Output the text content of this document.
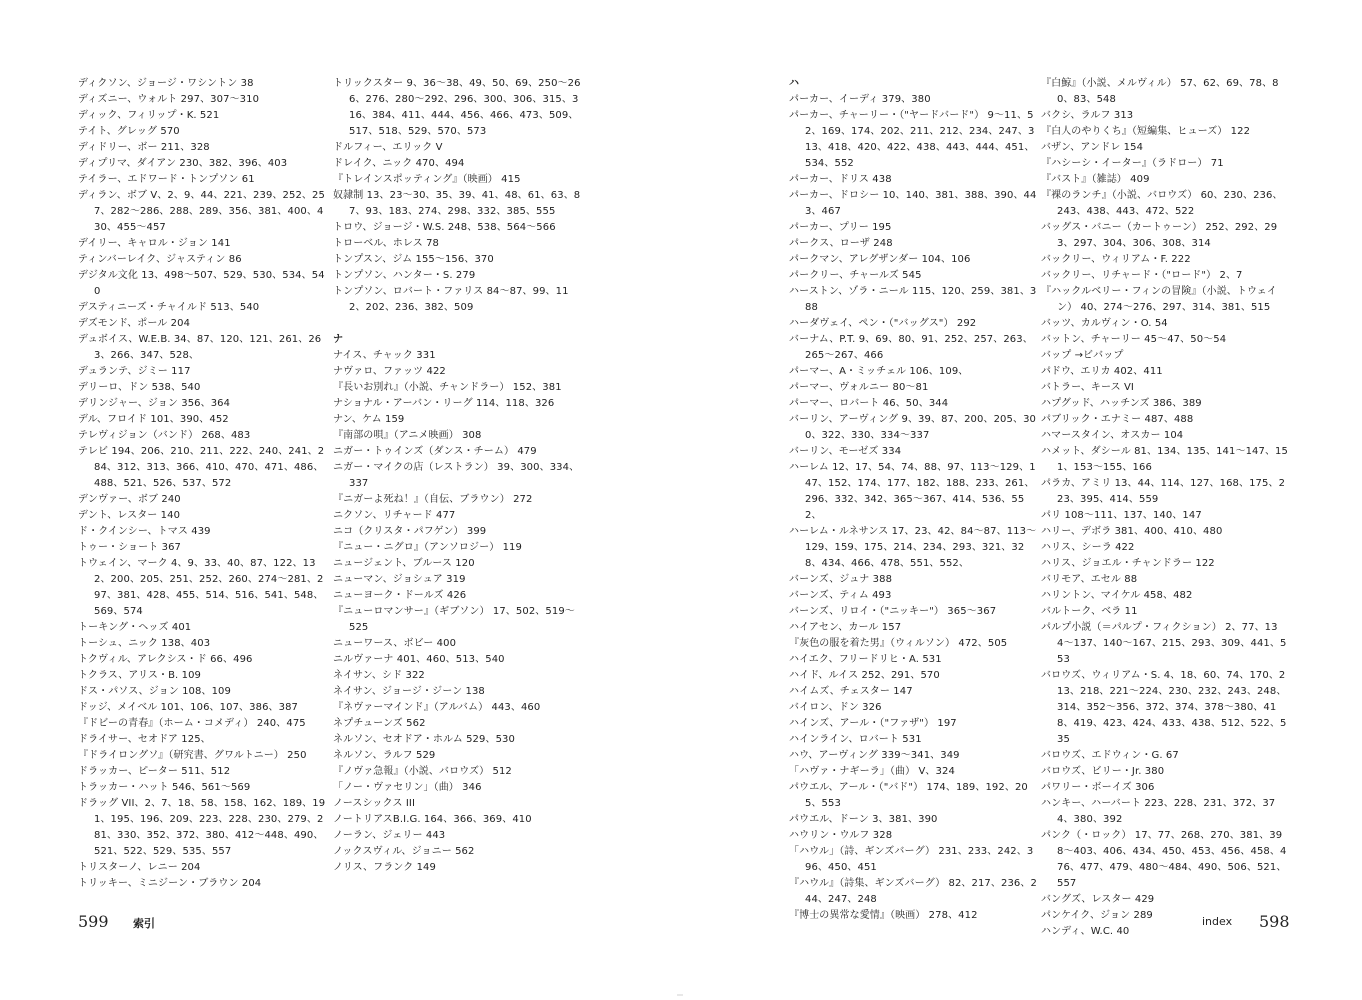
ディクソン、ジョージ・ワシントン 38
ディズニー、ウォルト 297、307〜310
ディック、フィリップ・K. 521
テイト、グレッグ 570
ディドリー、ボー 211、328
ディプリマ、ダイアン 230、382、396、403
テイラー、エドワード・トンプソン 61
ディラン、ボブ V、2、9、44、221、239、252、257、282〜286、288、289、356、381、400、430、455〜457
デイリー、キャロル・ジョン 141
ティンバーレイク、ジャスティン 86
デジタル文化 13、498〜507、529、530、534、540
デスティニーズ・チャイルド 513、540
デズモンド、ポール 204
デュボイス、W.E.B. 34、87、120、121、261、263、266、347、528、
デュランテ、ジミー 117
デリーロ、ドン 538、540
デリンジャー、ジョン 356、364
デル、フロイド 101、390、452
テレヴィジョン（バンド） 268、483
テレビ 194、206、210、211、222、240、241、284、312、313、366、410、470、471、486、488、521、526、537、572
デンヴァー、ボブ 240
デント、レスター 140
ド・クインシー、トマス 439
トゥー・ショート 367
トウェイン、マーク 4、9、33、40、87、122、132、200、205、251、252、260、274〜281、297、381、428、455、514、516、541、548、569、574
トーキング・ヘッズ 401
トーシュ、ニック 138、403
トクヴィル、アレクシス・ド 66、496
トクラス、アリス・B. 109
ドス・パソス、ジョン 108、109
ドッジ、メイベル 101、106、107、386、387
『ドビーの青春』（ホーム・コメディ） 240、475
ドライサー、セオドア 125、
『ドライロングソ』（研究書、グワルトニー） 250
ドラッカー、ピーター 511、512
トラッカー・ハット 546、561〜569
ドラッグ VII、2、7、18、58、158、162、189、191、195、196、209、223、228、230、279、281、330、352、372、380、412〜448、490、521、522、529、535、557
トリスターノ、レニー 204
トリッキー、ミニジーン・ブラウン 204
トリックスター 9、36〜38、49、50、69、250〜266、276、280〜292、296、300、306、315、316、384、411、444、456、466、473、509、517、518、529、570、573
ドルフィー、エリック V
ドレイク、ニック 470、494
『トレインスポッティング』（映画） 415
奴隷制 13、23〜30、35、39、41、48、61、63、87、93、183、274、298、332、385、555
トロウ、ジョージ・W.S. 248、538、564〜566
トローベル、ホレス 78
トンプスン、ジム 155〜156、370
トンプソン、ハンター・S. 279
トンプソン、ロバート・ファリス 84〜87、99、112、202、236、382、509
ナ
ナイス、チャック 331
ナヴァロ、ファッツ 422
『長いお別れ』（小説、チャンドラー） 152、381
ナショナル・アーバン・リーグ 114、118、326
ナン、ケム 159
『南部の唄』（アニメ映画） 308
ニガー・トゥインズ（ダンス・チーム） 479
ニガー・マイクの店（レストラン） 39、300、334、337
『ニガーよ死ね！』（自伝、ブラウン） 272
ニクソン、リチャード 477
ニコ（クリスタ・パフゲン） 399
『ニュー・ニグロ』（アンソロジー） 119
ニュージェント、ブルース 120
ニューマン、ジョシュア 319
ニューヨーク・ドールズ 426
『ニューロマンサー』（ギブソン） 17、502、519〜525
ニューワース、ボビー 400
ニルヴァーナ 401、460、513、540
ネイサン、シド 322
ネイサン、ジョージ・ジーン 138
『ネヴァーマインド』（アルバム） 443、460
ネプチューンズ 562
ネルソン、セオドア・ホルム 529、530
ネルソン、ラルフ 529
『ノヴァ急報』（小説、バロウズ） 512
「ノー・ヴァセリン」（曲） 346
ノースシックス III
ノートリアスB.I.G. 164、366、369、410
ノーラン、ジェリー 443
ノックスヴィル、ジョニー 562
ノリス、フランク 149
599 索引
ハ
パーカー、イーディ 379、380
パーカー、チャーリー・（"ヤードバード"） 9〜11、52、169、174、202、211、212、234、247、313、418、420、422、438、443、444、451、534、552
パーカー、ドリス 438
パーカー、ドロシー 10、140、381、388、390、443、467
パーカー、プリー 195
パークス、ローザ 248
パークマン、アレグザンダー 104、106
パークリー、チャールズ 545
ハーストン、ゾラ・ニール 115、120、259、381、388
ハーダヴェイ、ペン・（"バッグス"） 292
バーナム、P.T. 9、69、80、91、252、257、263、265〜267、466
パーマー、A・ミッチェル 106、109、
パーマー、ヴォルニー 80〜81
パーマー、ロバート 46、50、344
バーリン、アーヴィング 9、39、87、200、205、300、322、330、334〜337
バーリン、モーゼズ 334
ハーレム 12、17、54、74、88、97、113〜129、147、152、174、177、182、188、233、261、296、332、342、365〜367、414、536、552、
ハーレム・ルネサンス 17、23、42、84〜87、113〜129、159、175、214、234、293、321、328、434、466、478、551、552、
バーンズ、ジュナ 388
バーンズ、ティム 493
バーンズ、リロイ・（"ニッキー"） 365〜367
ハイアセン、カール 157
『灰色の服を着た男』（ウィルソン） 472、505
ハイエク、フリードリヒ・A. 531
ハイド、ルイス 252、291、570
ハイムズ、チェスター 147
バイロン、ドン 326
ハインズ、アール・（"ファザ"） 197
ハインライン、ロバート 531
ハウ、アーヴィング 339〜341、349
「ハヴァ・ナギーラ」（曲） V、324
パウエル、アール・（"バド"） 174、189、192、205、553
パウエル、ドーン 3、381、390
ハウリン・ウルフ 328
「ハウル」（詩、ギンズバーグ） 231、233、242、396、450、451
『ハウル』（詩集、ギンズバーグ） 82、217、236、244、247、248
『博士の異常な愛情』（映画） 278、412
『白鯨』（小説、メルヴィル） 57、62、69、78、80、83、548
バクシ、ラルフ 313
『白人のやりくち』（短編集、ヒューズ） 122
バザン、アンドレ 154
『ハシーシ・イーター』（ラドロー） 71
『バスト』（雑誌） 409
『裸のランチ』（小説、バロウズ） 60、230、236、243、438、443、472、522
バッグス・バニー（カートゥーン） 252、292、293、297、304、306、308、314
バックリー、ウィリアム・F. 222
バックリー、リチャード・（"ロード"） 2、7
『ハックルベリー・フィンの冒険』（小説、トウェイン） 40、274〜276、297、314、381、515
バッツ、カルヴィン・O. 54
バットン、チャーリー 45〜47、50〜54
バップ →ビバップ
パドウ、エリカ 402、411
バトラー、キース VI
ハプグッド、ハッチンズ 386、389
パブリック・エナミー 487、488
ハマースタイン、オスカー 104
ハメット、ダシール 81、134、135、141〜147、151、153〜155、166
パラカ、アミリ 13、44、114、127、168、175、223、395、414、559
パリ 108〜111、137、140、147
ハリー、デボラ 381、400、410、480
ハリス、シーラ 422
ハリス、ジョエル・チャンドラー 122
バリモア、エセル 88
ハリントン、マイケル 458、482
バルトーク、ベラ 11
パルプ小説（＝パルプ・フィクション） 2、77、134〜137、140〜167、215、293、309、441、553
バロウズ、ウィリアム・S. 4、18、60、74、170、213、218、221〜224、230、232、243、248、314、352〜356、372、374、378〜380、418、419、423、424、433、438、512、522、535
バロウズ、エドウィン・G. 67
バロウズ、ビリー・Jr. 380
パワリー・ボーイズ 306
ハンキー、ハーバート 223、228、231、372、374、380、392
パンク（・ロック） 17、77、268、270、381、398〜403、406、434、450、453、456、458、476、477、479、480〜484、490、506、521、557
バングズ、レスター 429
パンケイク、ジョン 289
ハンディ、W.C. 40
index 598
